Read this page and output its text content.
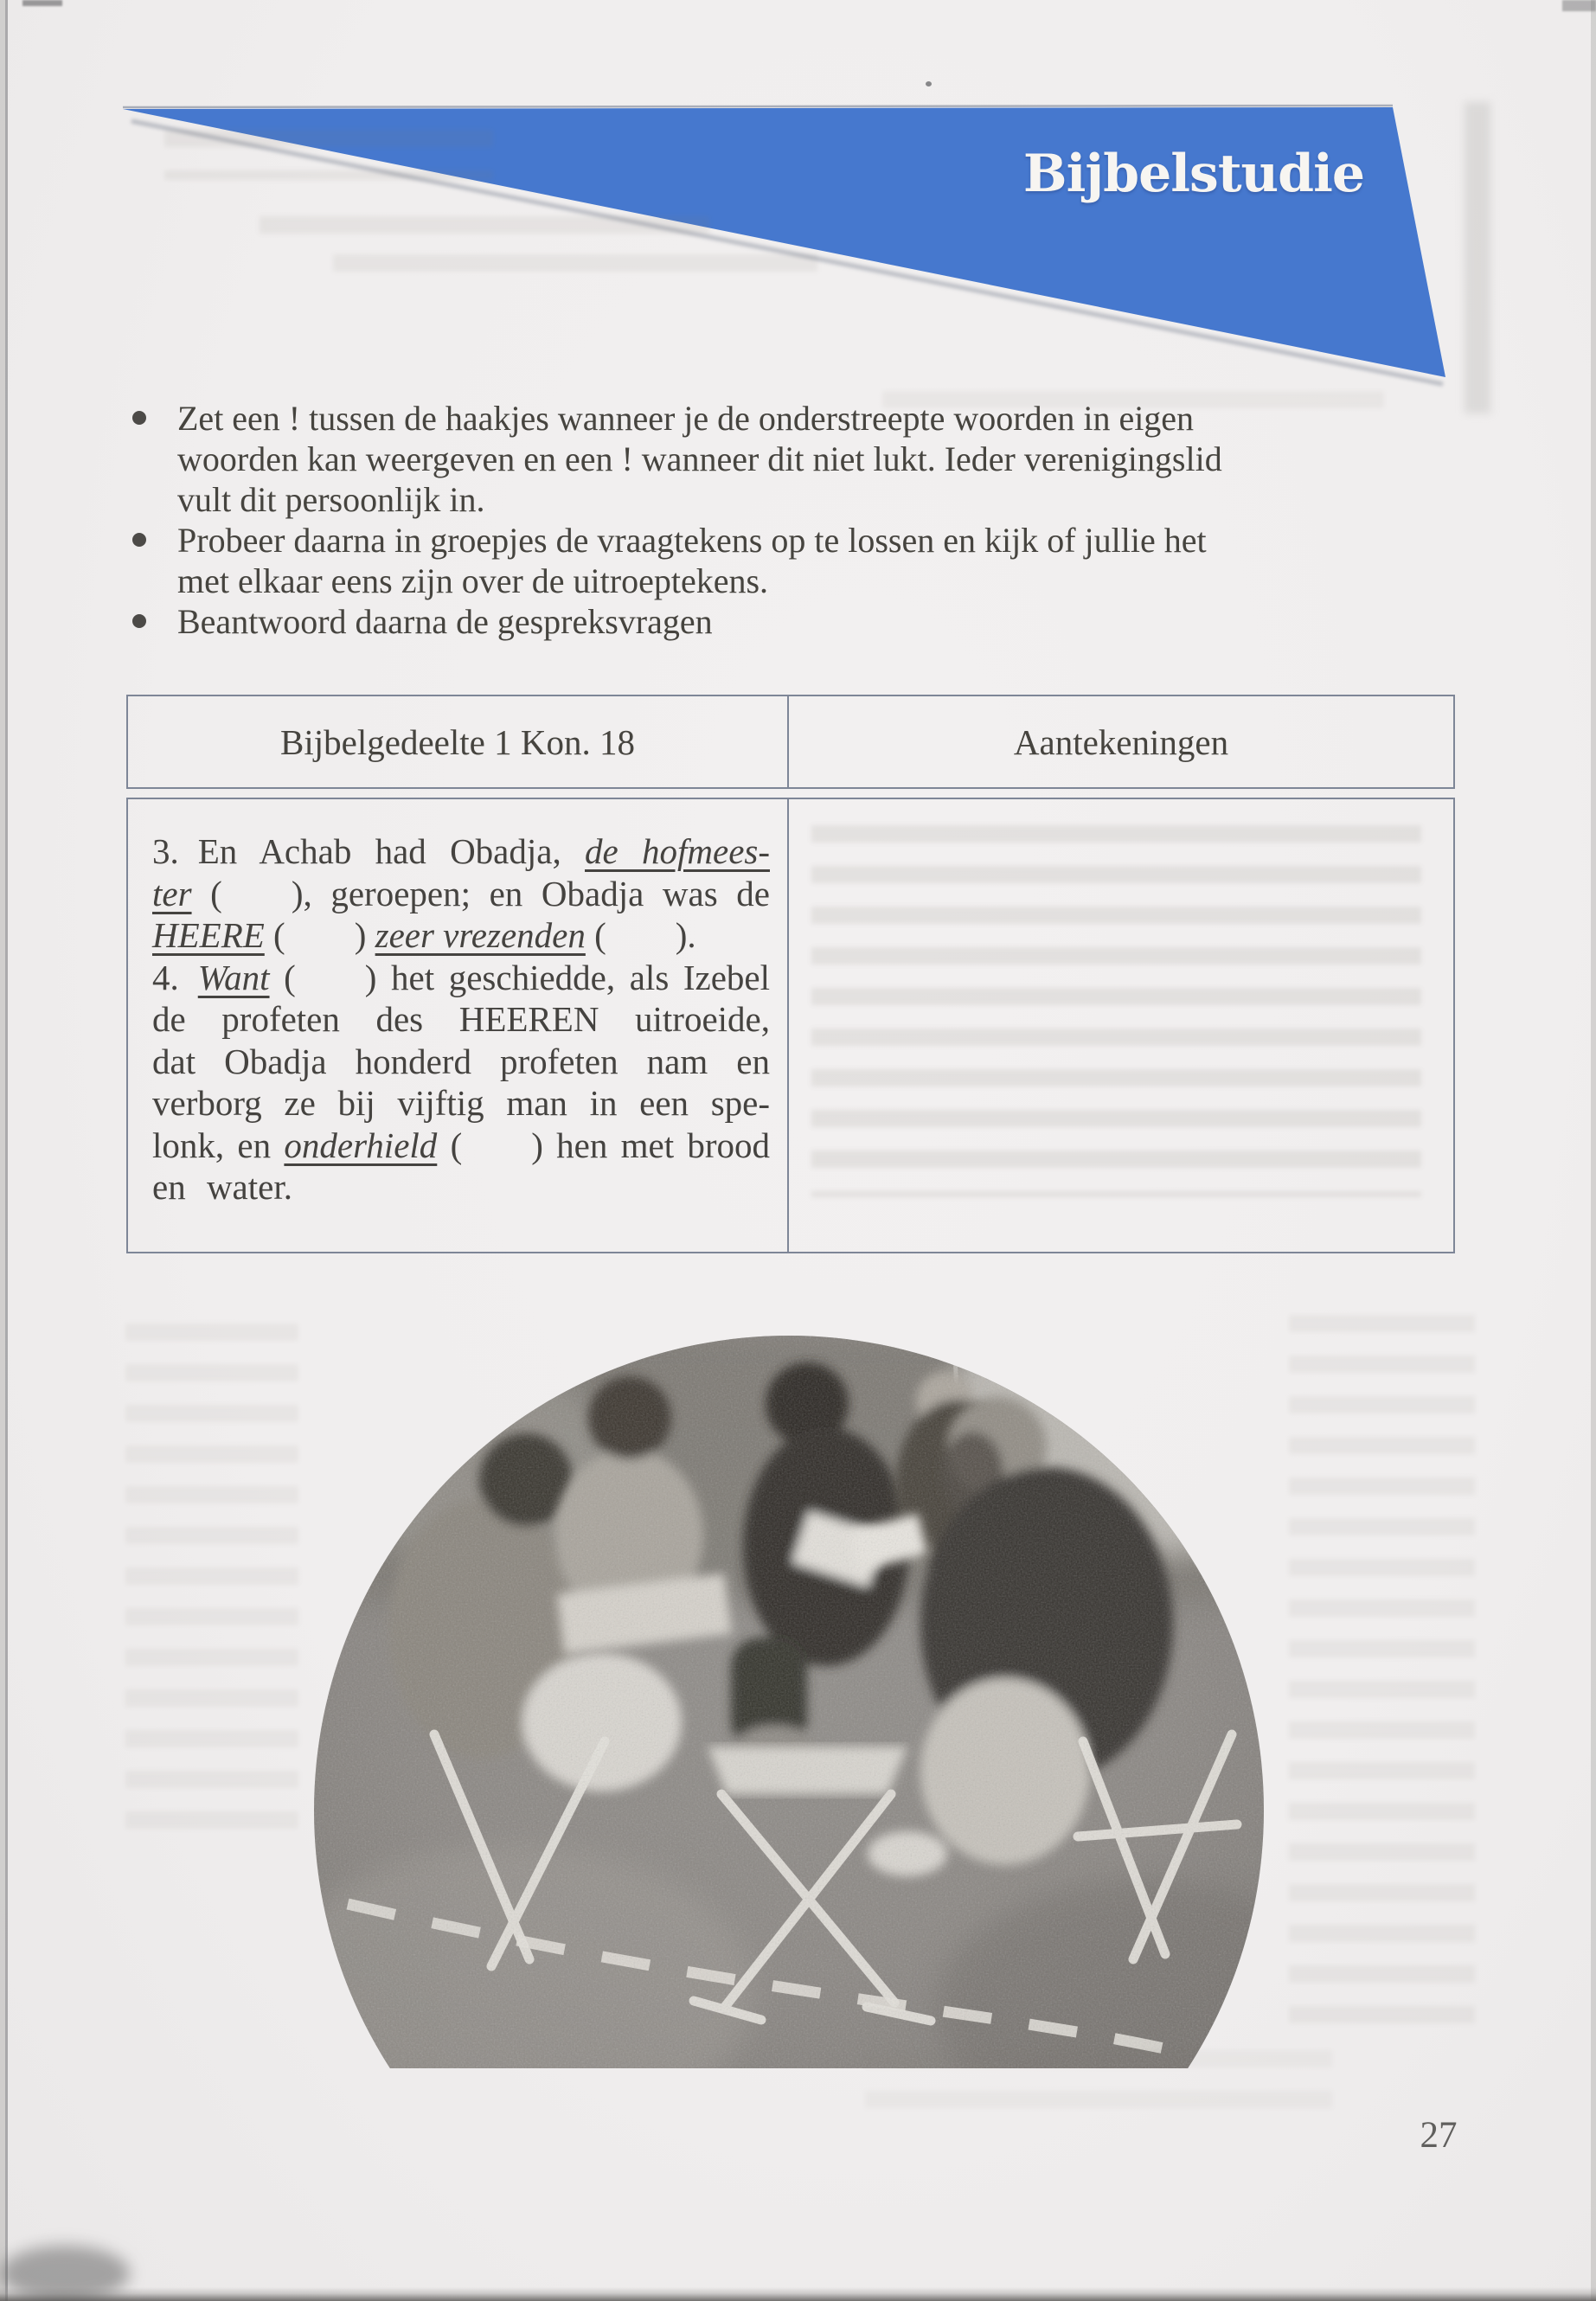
Bijbelstudie
Zet een ! tussen de haakjes wanneer je de onderstreepte woorden in eigen
woorden kan weergeven en een ! wanneer dit niet lukt. Ieder verenigingslid
vult dit persoonlijk in.
Probeer daarna in groepjes de vraagtekens op te lossen en kijk of jullie het
met elkaar eens zijn over de uitroeptekens.
Beantwoord daarna de gespreksvragen
Bijbelgedeelte 1 Kon. 18	Aantekeningen
3. En Achab had Obadja, de hofmees-
ter ( ), geroepen; en Obadja was de
HEERE ( ) zeer vrezenden ( ).
4. Want ( ) het geschiedde, als Izebel
de profeten des HEEREN uitroeide,
dat Obadja honderd profeten nam en
verborg ze bij vijftig man in een spe-
lonk, en onderhield ( ) hen met brood
en water.
27
